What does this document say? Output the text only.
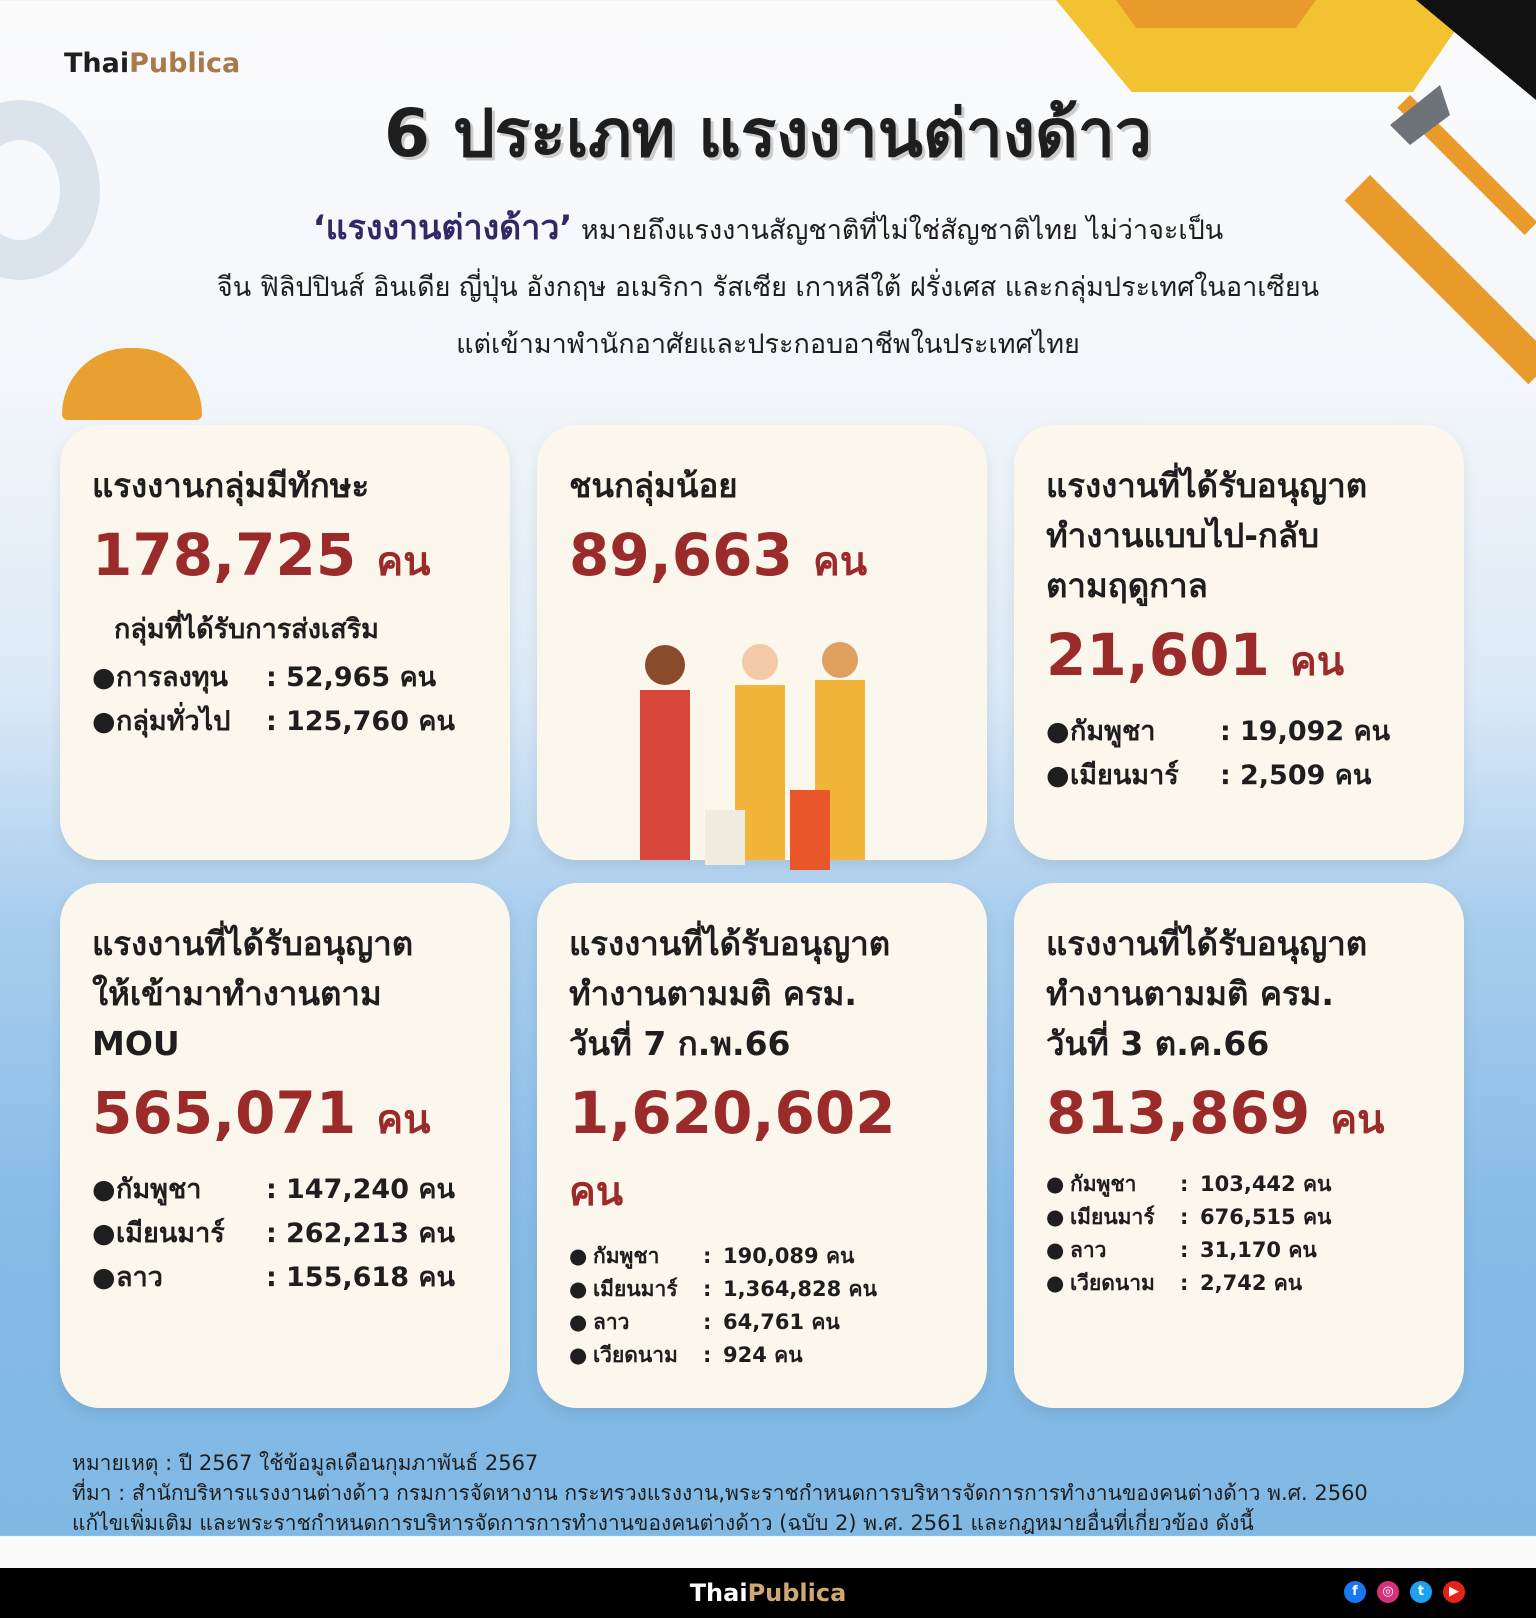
ThaiPublica
6 ประเภท แรงงานต่างด้าว
‘แรงงานต่างด้าว’ หมายถึงแรงงานสัญชาติที่ไม่ใช่สัญชาติไทย ไม่ว่าจะเป็น
จีน ฟิลิปปินส์ อินเดีย ญี่ปุ่น อังกฤษ อเมริกา รัสเซีย เกาหลีใต้ ฝรั่งเศส และกลุ่มประเทศในอาเซียน
แต่เข้ามาพำนักอาศัยและประกอบอาชีพในประเทศไทย
แรงงานกลุ่มมีทักษะ
178,725 คน
กลุ่มที่ได้รับการส่งเสริม
● การลงทุน	: 52,965 คน
● กลุ่มทั่วไป	: 125,760 คน
ชนกลุ่มน้อย
89,663 คน
แรงงานที่ได้รับอนุญาต
ทำงานแบบไป-กลับ
ตามฤดูกาล
21,601 คน
● กัมพูชา	: 19,092 คน
● เมียนมาร์	: 2,509 คน
แรงงานที่ได้รับอนุญาต
ให้เข้ามาทำงานตาม
MOU
565,071 คน
● กัมพูชา	: 147,240 คน
● เมียนมาร์	: 262,213 คน
● ลาว	: 155,618 คน
แรงงานที่ได้รับอนุญาต
ทำงานตามมติ ครม.
วันที่ 7 ก.พ.66
1,620,602 คน
● กัมพูชา	: 190,089 คน
● เมียนมาร์	: 1,364,828 คน
● ลาว	: 64,761 คน
● เวียดนาม	: 924 คน
แรงงานที่ได้รับอนุญาต
ทำงานตามมติ ครม.
วันที่ 3 ต.ค.66
813,869 คน
● กัมพูชา	: 103,442 คน
● เมียนมาร์	: 676,515 คน
● ลาว	: 31,170 คน
● เวียดนาม	: 2,742 คน
หมายเหตุ : ปี 2567 ใช้ข้อมูลเดือนกุมภาพันธ์ 2567
ที่มา : สำนักบริหารแรงงานต่างด้าว กรมการจัดหางาน กระทรวงแรงงาน,พระราชกำหนดการบริหารจัดการการทำงานของคนต่างด้าว พ.ศ. 2560
แก้ไขเพิ่มเติม และพระราชกำหนดการบริหารจัดการการทำงานของคนต่างด้าว (ฉบับ 2) พ.ศ. 2561 และกฎหมายอื่นที่เกี่ยวข้อง ดังนี้
ThaiPublica	f	◎	t	▶
